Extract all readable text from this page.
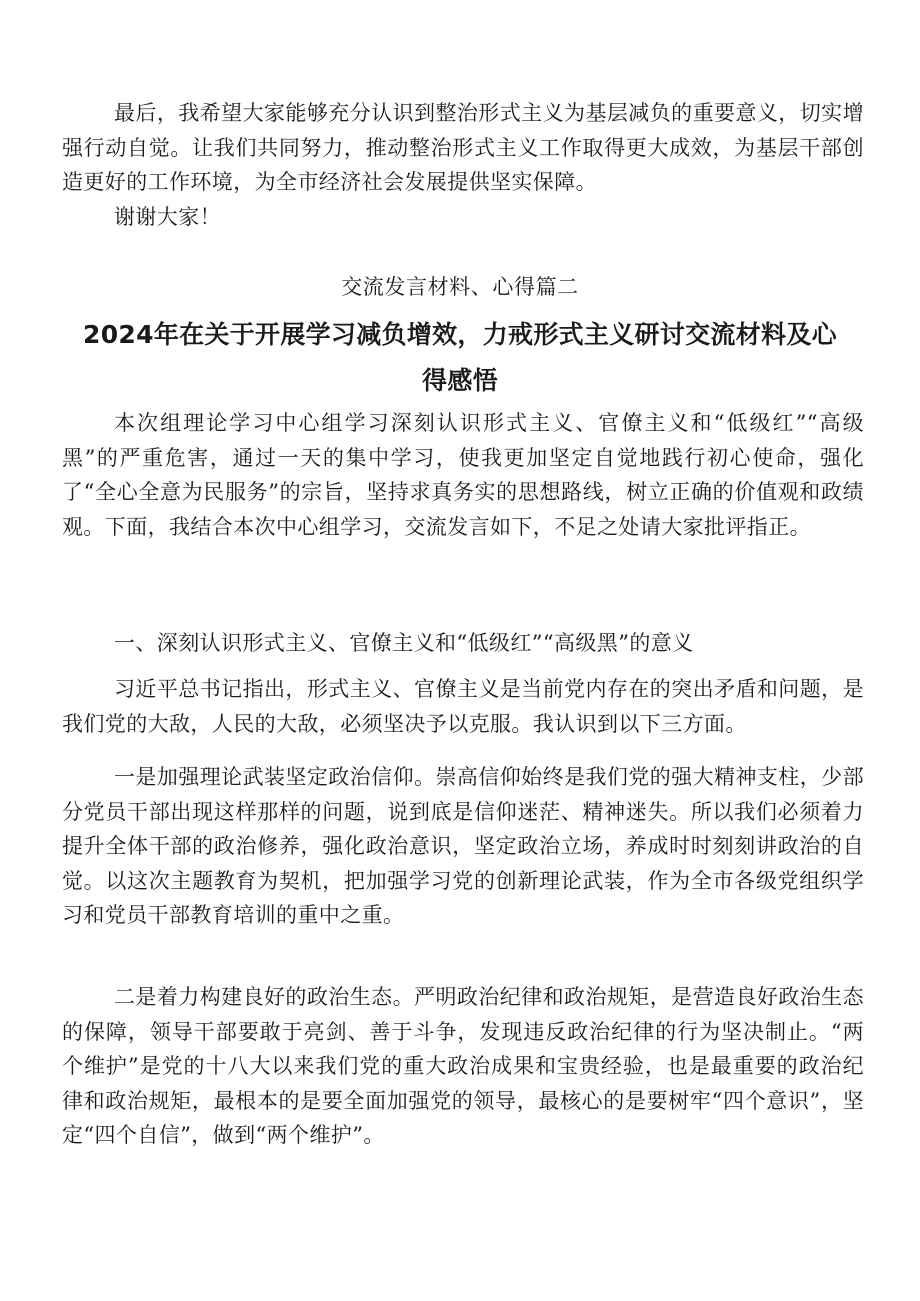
最后，我希望大家能够充分认识到整治形式主义为基层减负的重要意义，切实增强行动自觉。让我们共同努力，推动整治形式主义工作取得更大成效，为基层干部创造更好的工作环境，为全市经济社会发展提供坚实保障。

谢谢大家！

交流发言材料、心得篇二
2024年在关于开展学习减负增效，力戒形式主义研讨交流材料及心得感悟

本次组理论学习中心组学习深刻认识形式主义、官僚主义和“低级红”“高级黑”的严重危害，通过一天的集中学习，使我更加坚定自觉地践行初心使命，强化了“全心全意为民服务”的宗旨，坚持求真务实的思想路线，树立正确的价值观和政绩观。下面，我结合本次中心组学习，交流发言如下，不足之处请大家批评指正。

一、深刻认识形式主义、官僚主义和“低级红”“高级黑”的意义

习近平总书记指出，形式主义、官僚主义是当前党内存在的突出矛盾和问题，是我们党的大敌，人民的大敌，必须坚决予以克服。我认识到以下三方面。

一是加强理论武装坚定政治信仰。崇高信仰始终是我们党的强大精神支柱，少部分党员干部出现这样那样的问题，说到底是信仰迷茫、精神迷失。所以我们必须着力提升全体干部的政治修养，强化政治意识，坚定政治立场，养成时时刻刻讲政治的自觉。以这次主题教育为契机，把加强学习党的创新理论武装，作为全市各级党组织学习和党员干部教育培训的重中之重。

二是着力构建良好的政治生态。严明政治纪律和政治规矩，是营造良好政治生态的保障，领导干部要敢于亮剑、善于斗争，发现违反政治纪律的行为坚决制止。“两个维护”是党的十八大以来我们党的重大政治成果和宝贵经验，也是最重要的政治纪律和政治规矩，最根本的是要全面加强党的领导，最核心的是要树牢“四个意识”，坚定“四个自信”，做到“两个维护”。
